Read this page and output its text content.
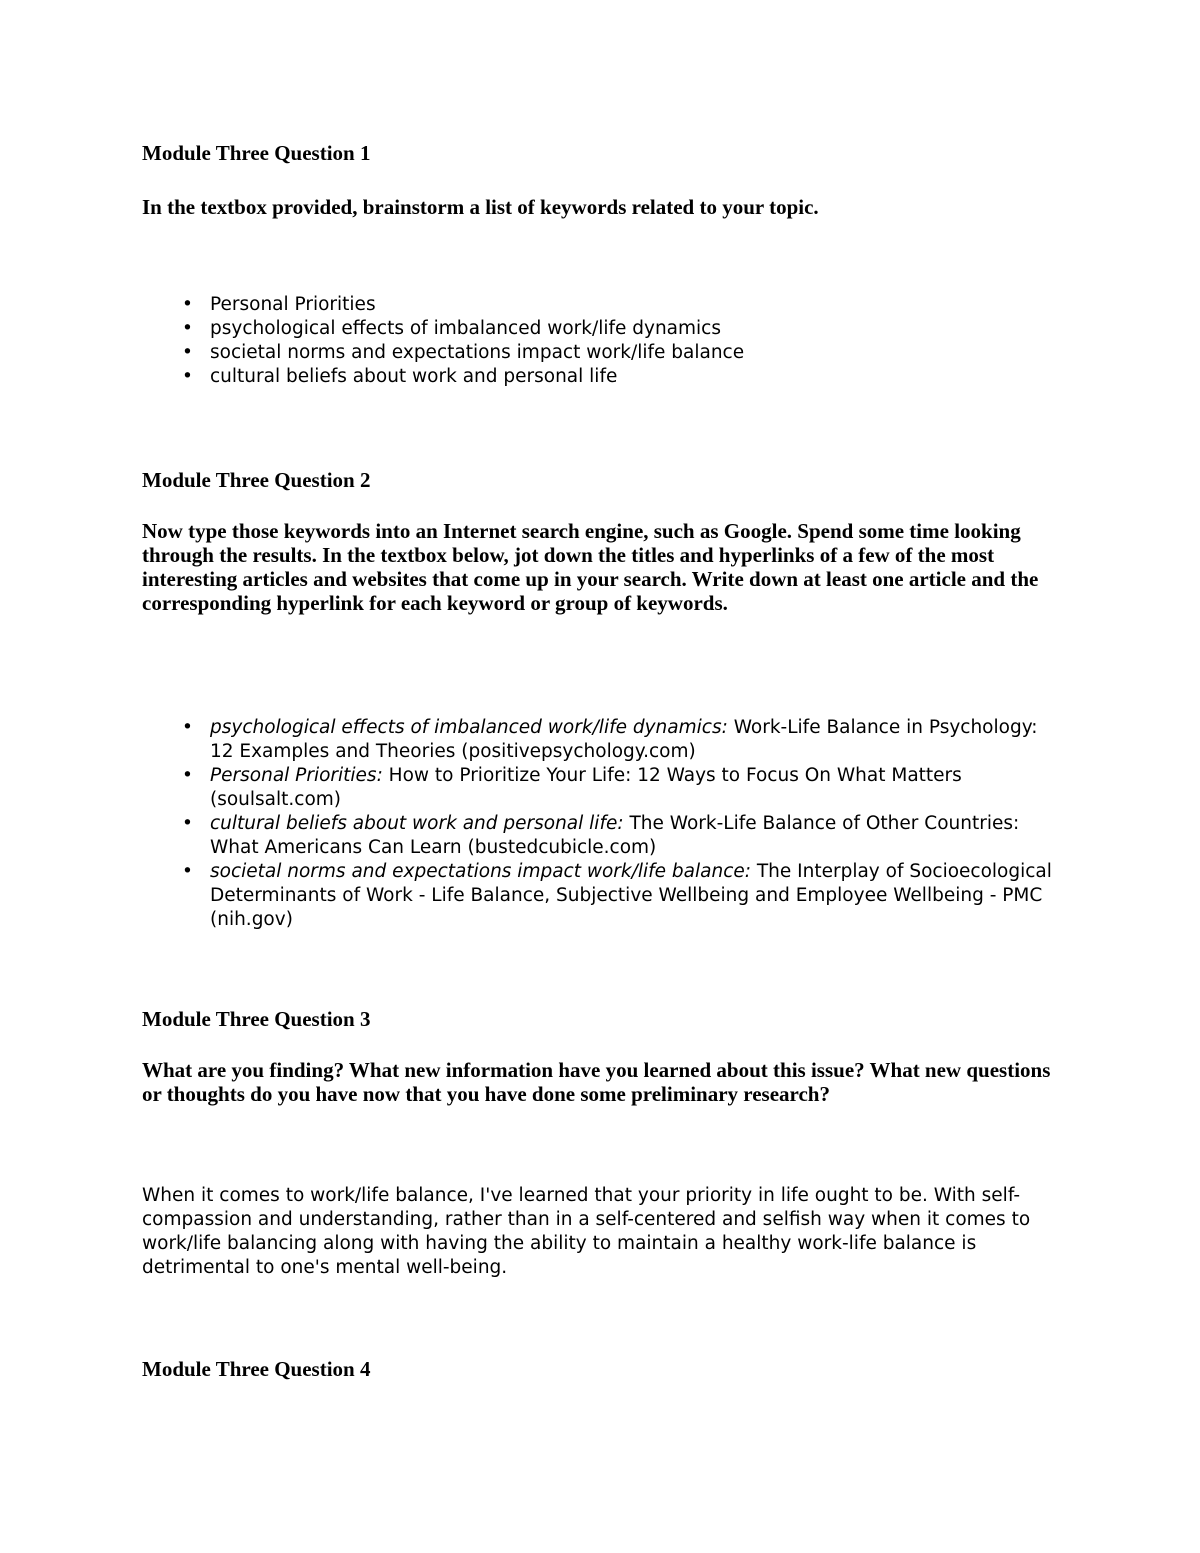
Module Three Question 1

In the textbox provided, brainstorm a list of keywords related to your topic.

• Personal Priorities
• psychological effects of imbalanced work/life dynamics
• societal norms and expectations impact work/life balance
• cultural beliefs about work and personal life
Module Three Question 2

Now type those keywords into an Internet search engine, such as Google. Spend some time looking through the results. In the textbox below, jot down the titles and hyperlinks of a few of the most interesting articles and websites that come up in your search. Write down at least one article and the corresponding hyperlink for each keyword or group of keywords.

• psychological effects of imbalanced work/life dynamics: Work-Life Balance in Psychology: 12 Examples and Theories (positivepsychology.com)
• Personal Priorities: How to Prioritize Your Life: 12 Ways to Focus On What Matters (soulsalt.com)
• cultural beliefs about work and personal life: The Work-Life Balance of Other Countries: What Americans Can Learn (bustedcubicle.com)
• societal norms and expectations impact work/life balance: The Interplay of Socioecological Determinants of Work - Life Balance, Subjective Wellbeing and Employee Wellbeing - PMC (nih.gov)
Module Three Question 3

What are you finding? What new information have you learned about this issue? What new questions or thoughts do you have now that you have done some preliminary research?

When it comes to work/life balance, I've learned that your priority in life ought to be. With self-compassion and understanding, rather than in a self-centered and selfish way when it comes to work/life balancing along with having the ability to maintain a healthy work-life balance is detrimental to one's mental well-being.

Module Three Question 4
